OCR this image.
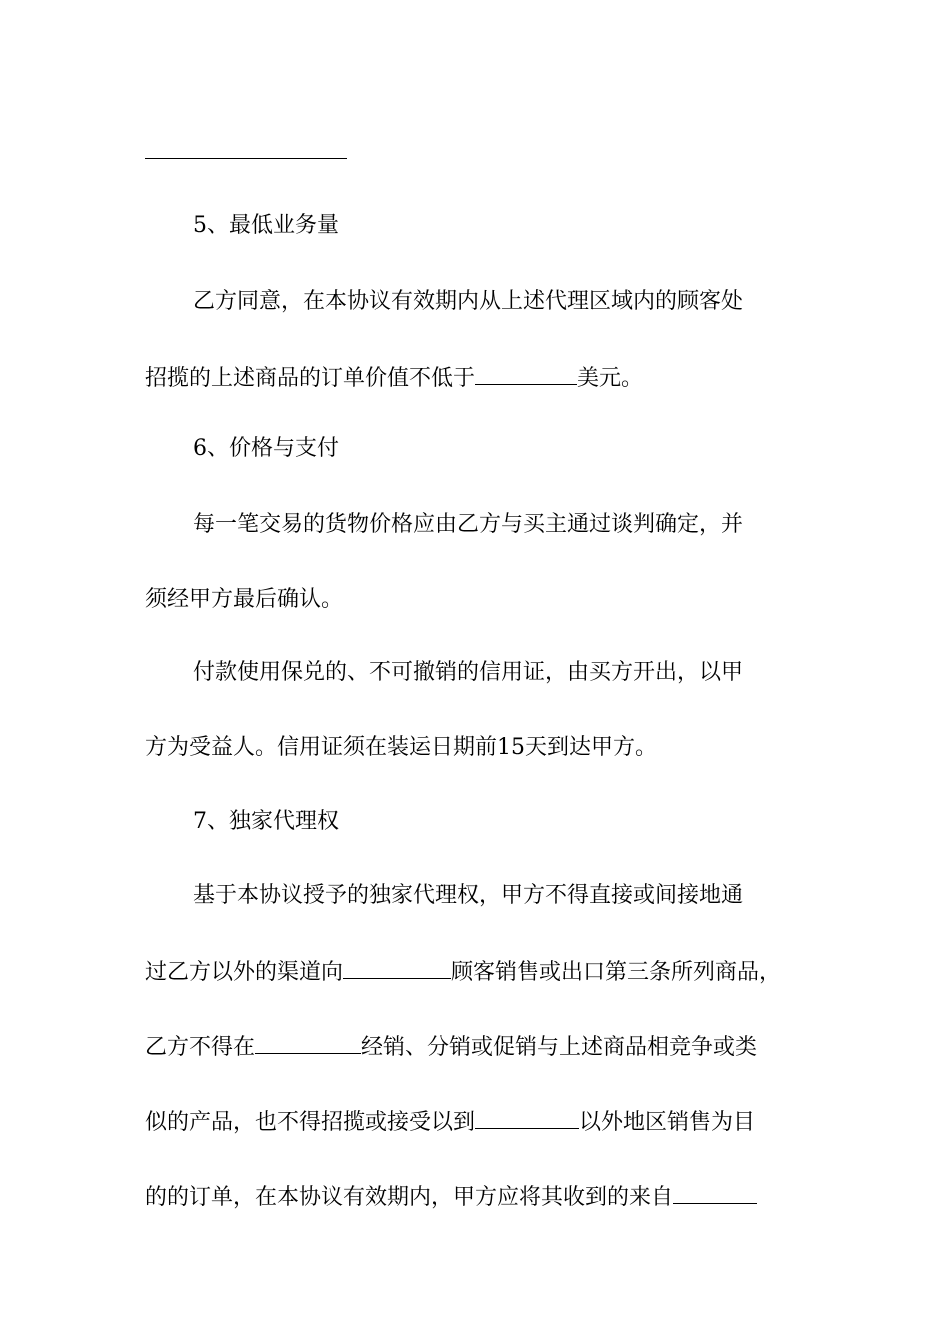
5、最低业务量
乙方同意，在本协议有效期内从上述代理区域内的顾客处
招揽的上述商品的订单价值不低于	美元。
6、价格与支付
每一笔交易的货物价格应由乙方与买主通过谈判确定，并
须经甲方最后确认。
付款使用保兑的、不可撤销的信用证，由买方开出，以甲
方为受益人。信用证须在装运日期前15天到达甲方。
7、独家代理权
基于本协议授予的独家代理权，甲方不得直接或间接地通
过乙方以外的渠道向	顾客销售或出口第三条所列商品，
乙方不得在	经销、分销或促销与上述商品相竞争或类
似的产品，也不得招揽或接受以到	以外地区销售为目
的的订单，在本协议有效期内，甲方应将其收到的来自
